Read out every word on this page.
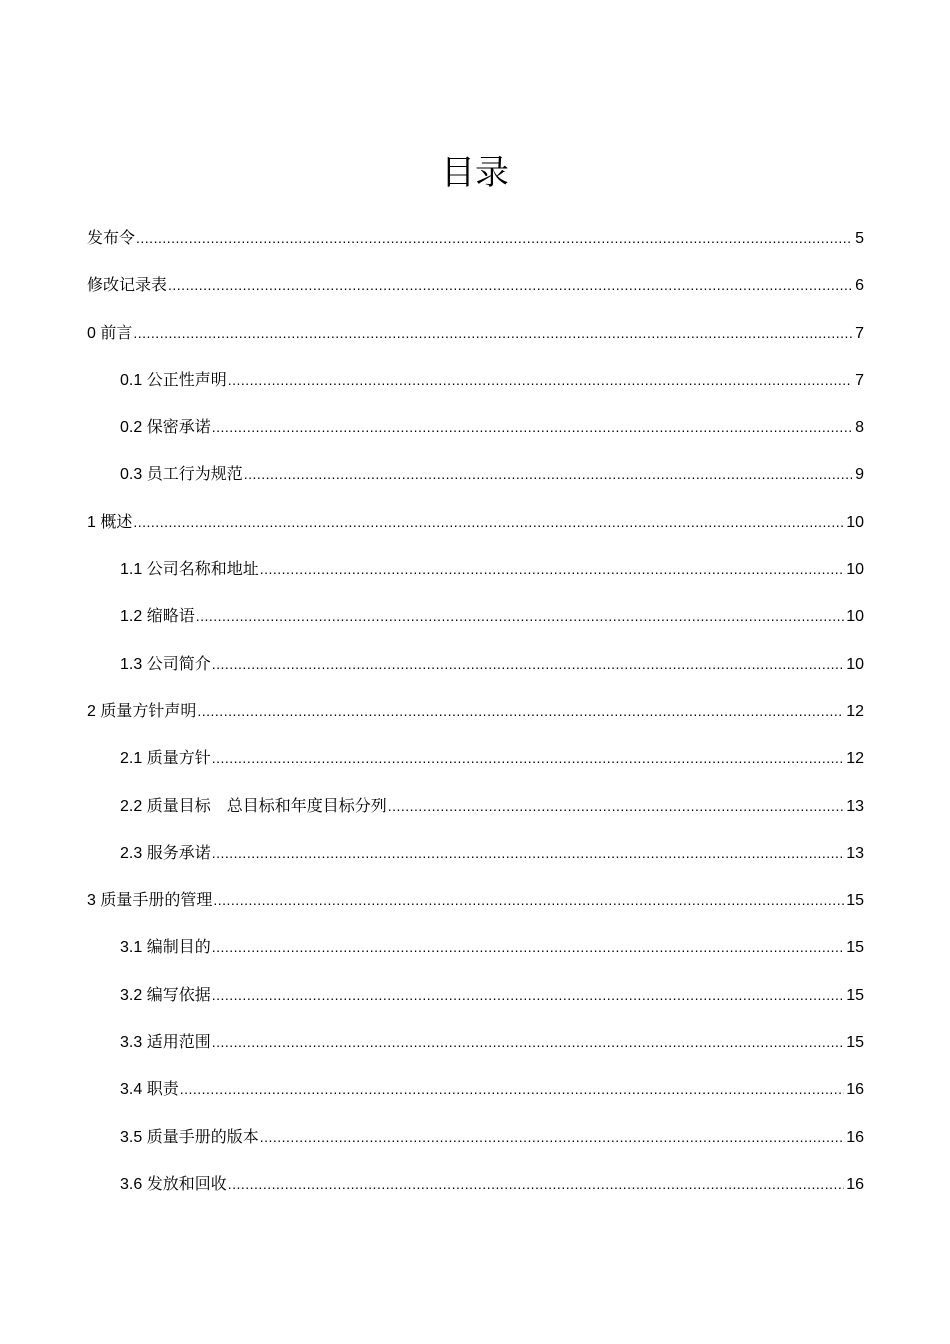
目录
发布令 .....	5
修改记录表 .....	6
0 前言 .....	7
0.1 公正性声明 .....	7
0.2 保密承诺 .....	8
0.3 员工行为规范 .....	9
1 概述 .....	10
1.1 公司名称和地址 .....	10
1.2 缩略语 .....	10
1.3 公司简介 .....	10
2 质量方针声明 .....	12
2.1 质量方针 .....	12
2.2 质量目标　总目标和年度目标分列 .....	13
2.3 服务承诺 .....	13
3 质量手册的管理 .....	15
3.1 编制目的 .....	15
3.2 编写依据 .....	15
3.3 适用范围 .....	15
3.4 职责 .....	16
3.5 质量手册的版本 .....	16
3.6 发放和回收 .....	16
